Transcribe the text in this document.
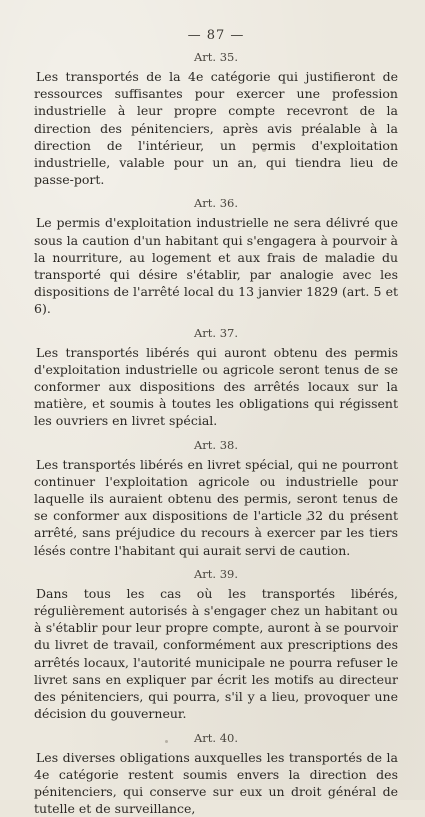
— 87 —

Art. 35.

Les transportés de la 4e catégorie qui justifieront de ressources suffisantes pour exercer une profession industrielle à leur propre compte recevront de la direction des pénitenciers, après avis préalable à la direction de l'intérieur, un permis d'exploitation industrielle, valable pour un an, qui tiendra lieu de passe-port.

Art. 36.

Le permis d'exploitation industrielle ne sera délivré que sous la caution d'un habitant qui s'engagera à pourvoir à la nourriture, au logement et aux frais de maladie du transporté qui désire s'établir, par analogie avec les dispositions de l'arrêté local du 13 janvier 1829 (art. 5 et 6).

Art. 37.

Les transportés libérés qui auront obtenu des permis d'exploitation industrielle ou agricole seront tenus de se conformer aux dispositions des arrêtés locaux sur la matière, et soumis à toutes les obligations qui régissent les ouvriers en livret spécial.

Art. 38.

Les transportés libérés en livret spécial, qui ne pourront continuer l'exploitation agricole ou industrielle pour laquelle ils auraient obtenu des permis, seront tenus de se conformer aux dispositions de l'article 32 du présent arrêté, sans préjudice du recours à exercer par les tiers lésés contre l'habitant qui aurait servi de caution.

Art. 39.

Dans tous les cas où les transportés libérés, régulièrement autorisés à s'engager chez un habitant ou à s'établir pour leur propre compte, auront à se pourvoir du livret de travail, conformément aux prescriptions des arrêtés locaux, l'autorité municipale ne pourra refuser le livret sans en expliquer par écrit les motifs au directeur des pénitenciers, qui pourra, s'il y a lieu, provoquer une décision du gouverneur.

Art. 40.

Les diverses obligations auxquelles les transportés de la 4e catégorie restent soumis envers la direction des pénitenciers, qui conserve sur eux un droit général de tutelle et de surveillance,
